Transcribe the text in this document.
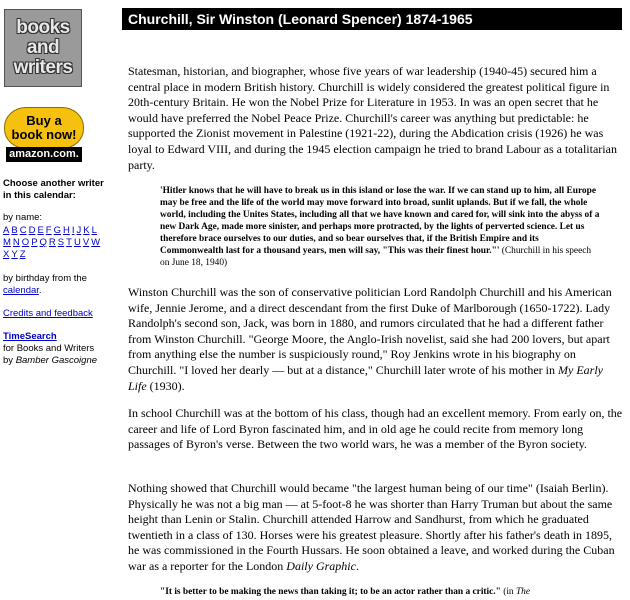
books
and
writers
Buy a
book now!
amazon.com.
Choose another writer
in this calendar:
by name:
A B C D E F G H I J K L
M N O P Q R S T U V W
X Y Z
by birthday from the
calendar.
Credits and feedback
TimeSearch
for Books and Writers
by Bamber Gascoigne
Churchill, Sir Winston (Leonard Spencer) 1874-1965

Statesman, historian, and biographer, whose five years of war leadership (1940-45) secured him a central place in modern British history. Churchill is widely considered the greatest political figure in 20th-century Britain. He won the Nobel Prize for Literature in 1953. In was an open secret that he would have preferred the Nobel Peace Prize. Churchill's career was anything but predictable: he supported the Zionist movement in Palestine (1921-22), during the Abdication crisis (1926) he was loyal to Edward VIII, and during the 1945 election campaign he tried to brand Labour as a totalitarian party.

'Hitler knows that he will have to break us in this island or lose the war. If we can stand up to him, all Europe may be free and the life of the world may move forward into broad, sunlit uplands. But if we fall, the whole world, including the Unites States, including all that we have known and cared for, will sink into the abyss of a new Dark Age, made more sinister, and perhaps more protracted, by the lights of perverted science. Let us therefore brace ourselves to our duties, and so bear ourselves that, if the British Empire and its Commonwealth last for a thousand years, men will say, "This was their finest hour."' (Churchill in his speech on June 18, 1940)

Winston Churchill was the son of conservative politician Lord Randolph Churchill and his American wife, Jennie Jerome, and a direct descendant from the first Duke of Marlborough (1650-1722). Lady Randolph's second son, Jack, was born in 1880, and rumors circulated that he had a different father from Winston Churchill. "George Moore, the Anglo-Irish novelist, said she had 200 lovers, but apart from anything else the number is suspiciously round," Roy Jenkins wrote in his biography on Churchill. "I loved her dearly — but at a distance," Churchill later wrote of his mother in My Early Life (1930).

In school Churchill was at the bottom of his class, though had an excellent memory. From early on, the career and life of Lord Byron fascinated him, and in old age he could recite from memory long passages of Byron's verse. Between the two world wars, he was a member of the Byron society.

Nothing showed that Churchill would became "the largest human being of our time" (Isaiah Berlin). Physically he was not a big man — at 5-foot-8 he was shorter than Harry Truman but about the same height than Lenin or Stalin. Churchill attended Harrow and Sandhurst, from which he graduated twentieth in a class of 130. Horses were his greatest pleasure. Shortly after his father's death in 1895, he was commissioned in the Fourth Hussars. He soon obtained a leave, and worked during the Cuban war as a reporter for the London Daily Graphic.

"It is better to be making the news than taking it; to be an actor rather than a critic." (in The
